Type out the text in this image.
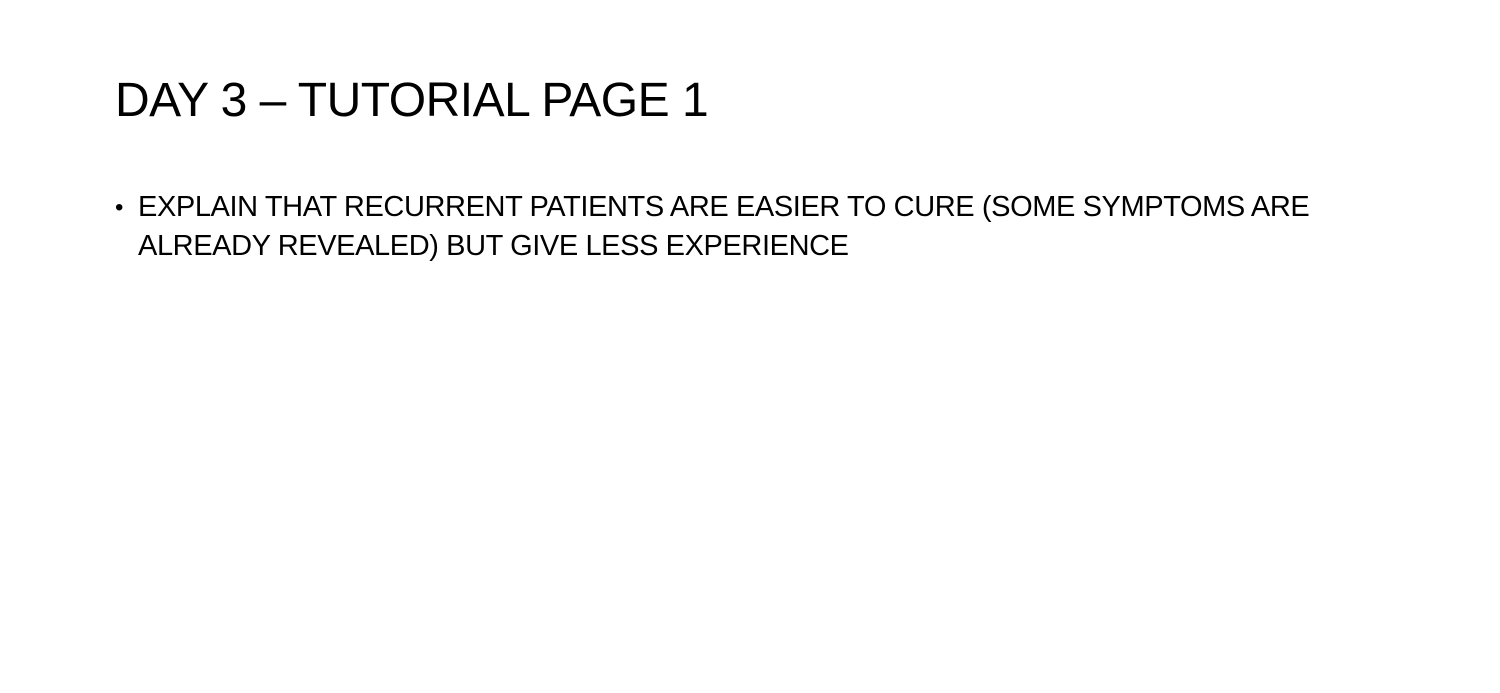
DAY 3 – TUTORIAL PAGE 1
• EXPLAIN THAT RECURRENT PATIENTS ARE EASIER TO CURE (SOME SYMPTOMS ARE ALREADY REVEALED) BUT GIVE LESS EXPERIENCE
